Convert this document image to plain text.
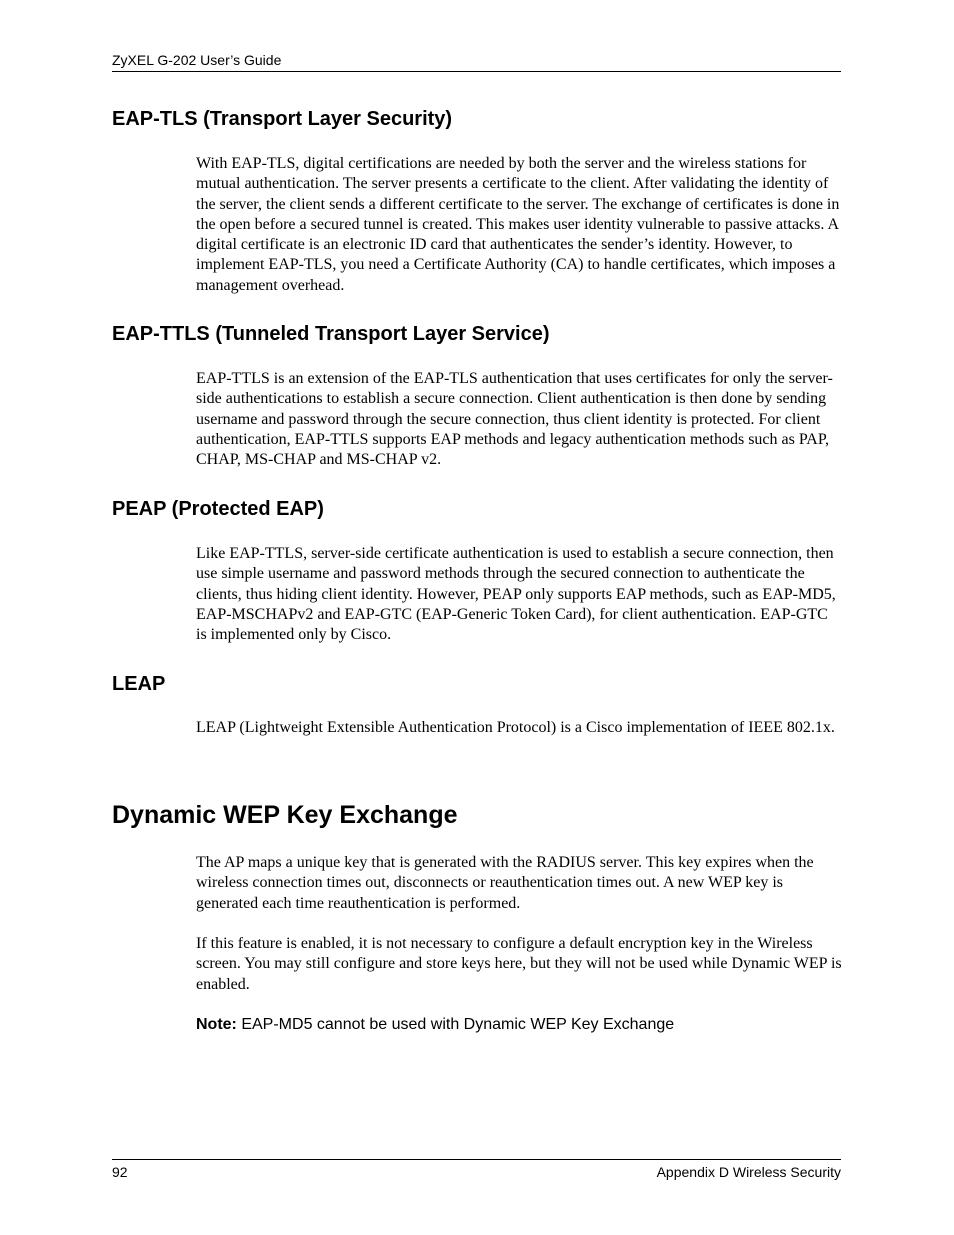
ZyXEL G-202 User’s Guide
EAP-TLS (Transport Layer Security)

With EAP-TLS, digital certifications are needed by both the server and the wireless stations for mutual authentication. The server presents a certificate to the client. After validating the identity of the server, the client sends a different certificate to the server. The exchange of certificates is done in the open before a secured tunnel is created. This makes user identity vulnerable to passive attacks. A digital certificate is an electronic ID card that authenticates the sender’s identity. However, to implement EAP-TLS, you need a Certificate Authority (CA) to handle certificates, which imposes a management overhead.

EAP-TTLS (Tunneled Transport Layer Service)

EAP-TTLS is an extension of the EAP-TLS authentication that uses certificates for only the server-side authentications to establish a secure connection. Client authentication is then done by sending username and password through the secure connection, thus client identity is protected. For client authentication, EAP-TTLS supports EAP methods and legacy authentication methods such as PAP, CHAP, MS-CHAP and MS-CHAP v2.

PEAP (Protected EAP)

Like EAP-TTLS, server-side certificate authentication is used to establish a secure connection, then use simple username and password methods through the secured connection to authenticate the clients, thus hiding client identity. However, PEAP only supports EAP methods, such as EAP-MD5, EAP-MSCHAPv2 and EAP-GTC (EAP-Generic Token Card), for client authentication. EAP-GTC is implemented only by Cisco.

LEAP

LEAP (Lightweight Extensible Authentication Protocol) is a Cisco implementation of IEEE 802.1x.

Dynamic WEP Key Exchange

The AP maps a unique key that is generated with the RADIUS server. This key expires when the wireless connection times out, disconnects or reauthentication times out. A new WEP key is generated each time reauthentication is performed.

If this feature is enabled, it is not necessary to configure a default encryption key in the Wireless screen. You may still configure and store keys here, but they will not be used while Dynamic WEP is enabled.

Note: EAP-MD5 cannot be used with Dynamic WEP Key Exchange

92	Appendix D Wireless Security
